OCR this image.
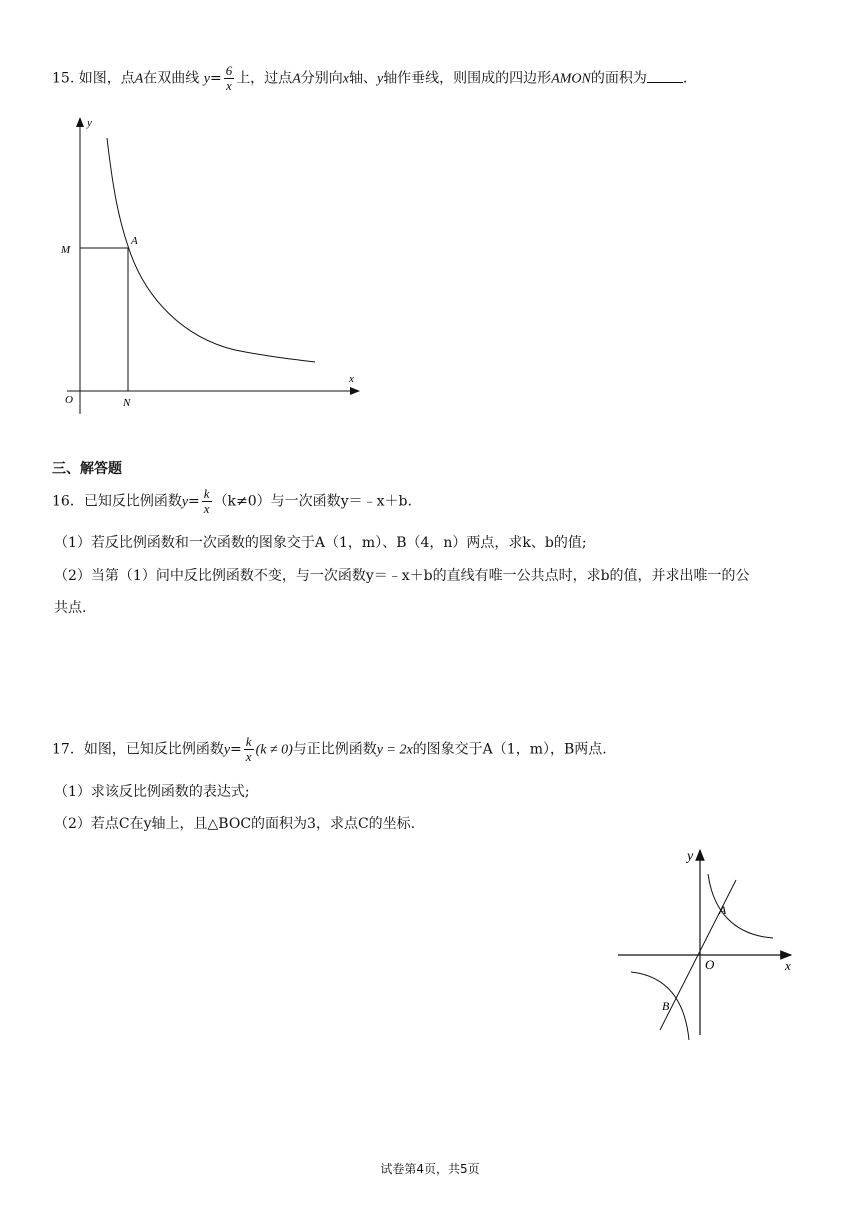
15. 如图，点A在双曲线 $y= \frac{6}{x}$ 上，过点A分别向x轴、y轴作垂线，则围成的四边形AMON的面积为	.
y
x
M
A
O	N
三、解答题
16．已知反比例函数$y= \frac{k}{x} (k\ne 0)$与一次函数y＝﹣x＋b.
（1）若反比例函数和一次函数的图象交于A（1，m）、B（4，n）两点，求k、b的值;
（2）当第（1）问中反比例函数不变，与一次函数y＝﹣x＋b的直线有唯一公共点时，求b的值，并求出唯一的公
共点.
17．如图，已知反比例函数$y= \frac{k}{x} (k \ne 0)$与正比例函数y = 2x的图象交于A（1，m），B两点.
（1）求该反比例函数的表达式;
（2）若点C在y轴上，且△BOC的面积为3，求点C的坐标.
y
x
A
O
B
试卷第4页，共5页
